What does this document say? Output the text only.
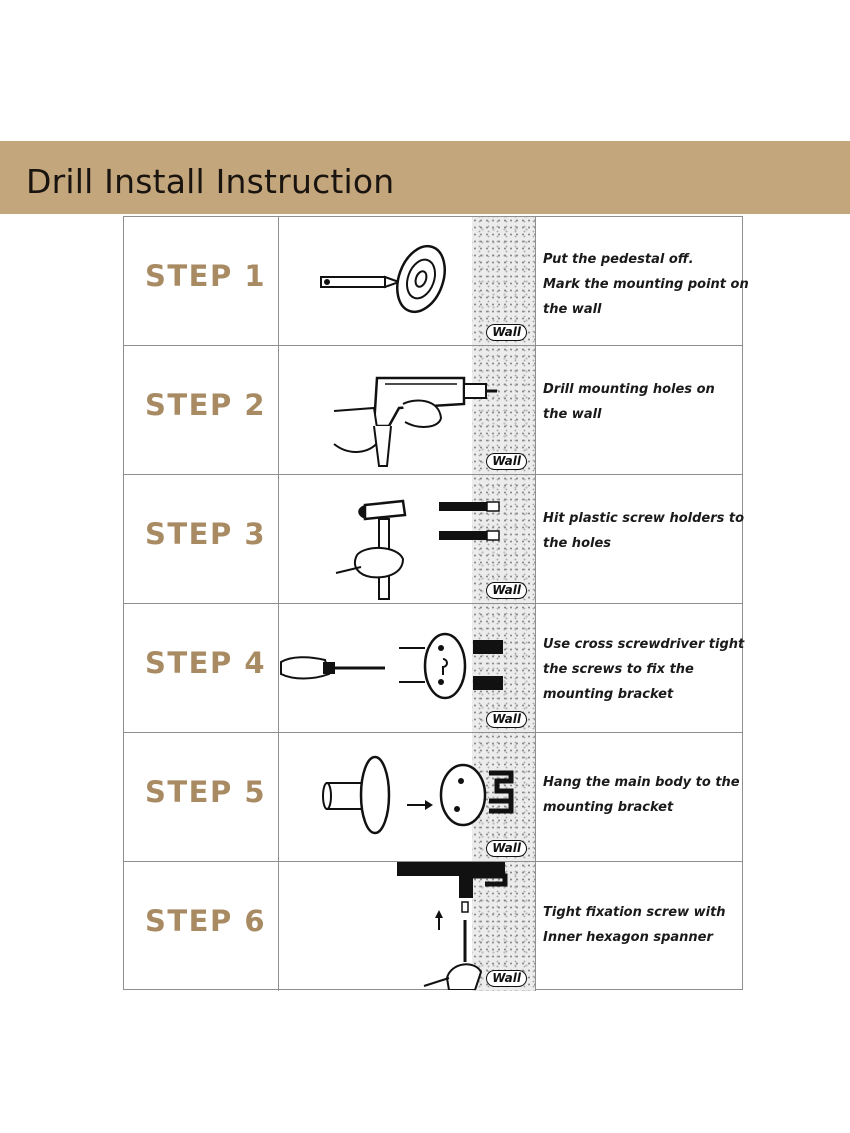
Drill Install Instruction
STEP 1
Wall
Put the pedestal off.
Mark the mounting point on
the wall
STEP 2
Wall
Drill mounting holes on
the wall
STEP 3
Wall
Hit plastic screw holders to
the holes
STEP 4
Wall
Use cross screwdriver tight
the screws to fix the
mounting bracket
STEP 5
Wall
Hang the main body to the
mounting bracket
STEP 6
Wall
Tight fixation screw with
Inner hexagon spanner
